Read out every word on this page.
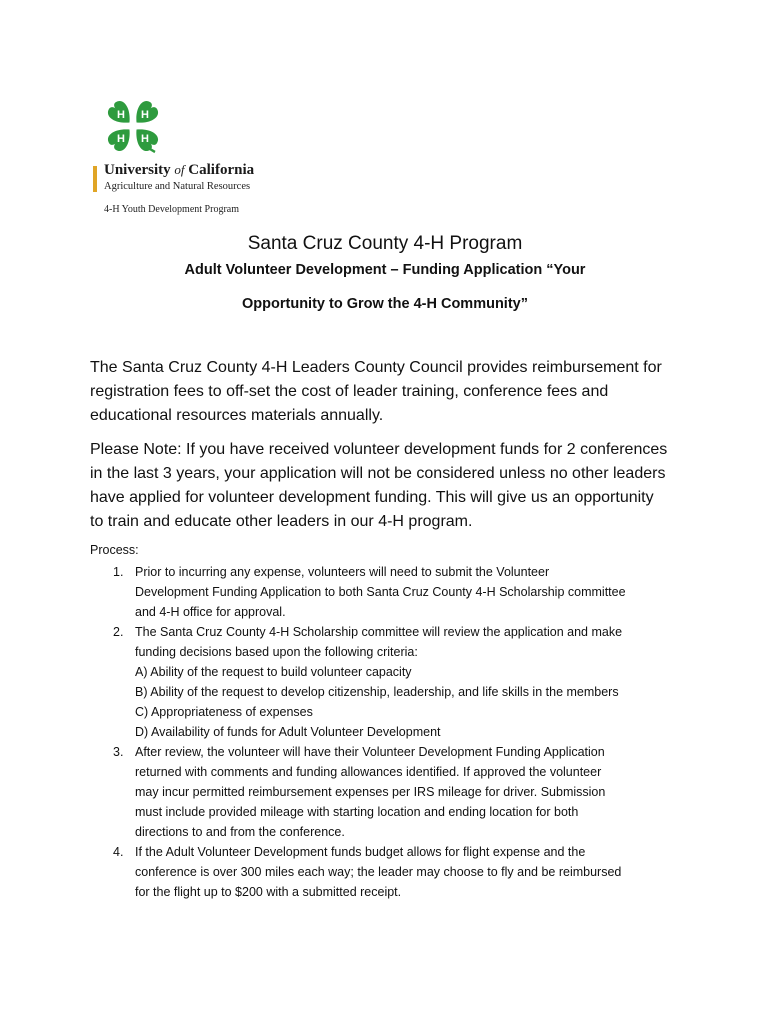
H H
H H
University of California
Agriculture and Natural Resources
4-H Youth Development Program
Santa Cruz County 4-H Program
Adult Volunteer Development – Funding Application “Your
Opportunity to Grow the 4-H Community”
The Santa Cruz County 4-H Leaders County Council provides reimbursement for
registration fees to off-set the cost of leader training, conference fees and
educational resources materials annually.
Please Note: If you have received volunteer development funds for 2 conferences
in the last 3 years, your application will not be considered unless no other leaders
have applied for volunteer development funding. This will give us an opportunity
to train and educate other leaders in our 4-H program.
Process:
1. Prior to incurring any expense, volunteers will need to submit the Volunteer
Development Funding Application to both Santa Cruz County 4-H Scholarship committee
and 4-H office for approval.
2. The Santa Cruz County 4-H Scholarship committee will review the application and make
funding decisions based upon the following criteria:
A) Ability of the request to build volunteer capacity
B) Ability of the request to develop citizenship, leadership, and life skills in the members
C) Appropriateness of expenses
D) Availability of funds for Adult Volunteer Development
3. After review, the volunteer will have their Volunteer Development Funding Application
returned with comments and funding allowances identified. If approved the volunteer
may incur permitted reimbursement expenses per IRS mileage for driver. Submission
must include provided mileage with starting location and ending location for both
directions to and from the conference.
4. If the Adult Volunteer Development funds budget allows for flight expense and the
conference is over 300 miles each way; the leader may choose to fly and be reimbursed
for the flight up to $200 with a submitted receipt.
